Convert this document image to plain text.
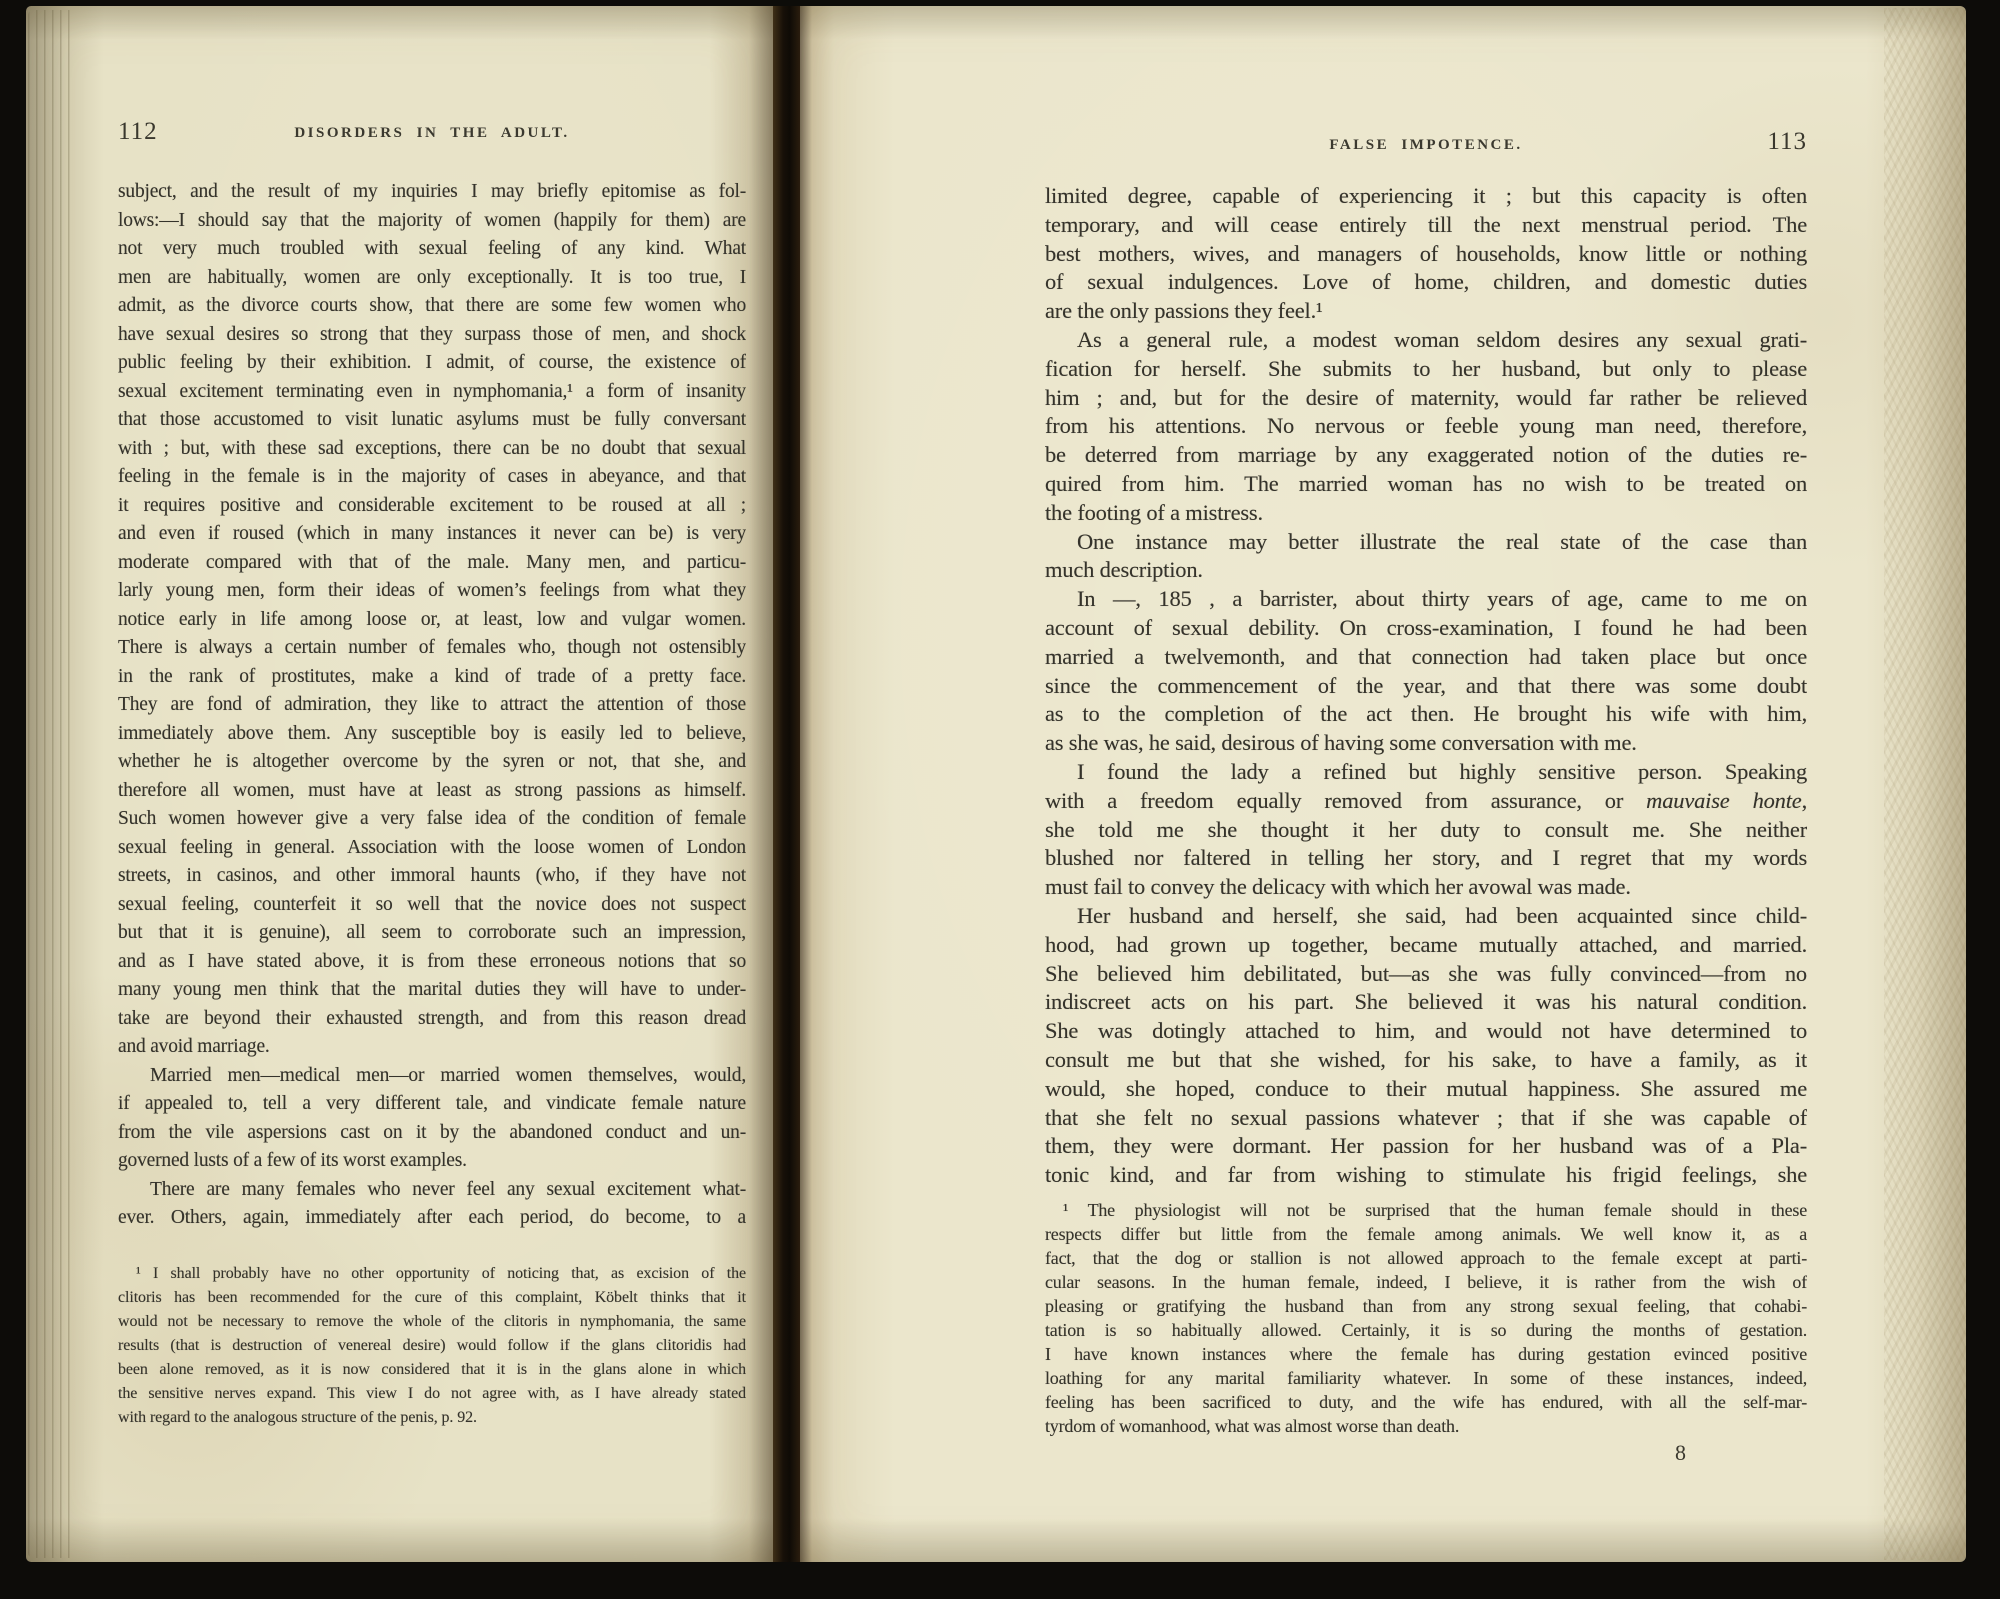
112	DISORDERS IN THE ADULT.
subject, and the result of my inquiries I may briefly epitomise as fol-
lows:—I should say that the majority of women (happily for them) are
not very much troubled with sexual feeling of any kind. What
men are habitually, women are only exceptionally. It is too true, I
admit, as the divorce courts show, that there are some few women who
have sexual desires so strong that they surpass those of men, and shock
public feeling by their exhibition. I admit, of course, the existence of
sexual excitement terminating even in nymphomania,¹ a form of insanity
that those accustomed to visit lunatic asylums must be fully conversant
with ; but, with these sad exceptions, there can be no doubt that sexual
feeling in the female is in the majority of cases in abeyance, and that
it requires positive and considerable excitement to be roused at all ;
and even if roused (which in many instances it never can be) is very
moderate compared with that of the male. Many men, and particu-
larly young men, form their ideas of women’s feelings from what they
notice early in life among loose or, at least, low and vulgar women.
There is always a certain number of females who, though not ostensibly
in the rank of prostitutes, make a kind of trade of a pretty face.
They are fond of admiration, they like to attract the attention of those
immediately above them. Any susceptible boy is easily led to believe,
whether he is altogether overcome by the syren or not, that she, and
therefore all women, must have at least as strong passions as himself.
Such women however give a very false idea of the condition of female
sexual feeling in general. Association with the loose women of London
streets, in casinos, and other immoral haunts (who, if they have not
sexual feeling, counterfeit it so well that the novice does not suspect
but that it is genuine), all seem to corroborate such an impression,
and as I have stated above, it is from these erroneous notions that so
many young men think that the marital duties they will have to under-
take are beyond their exhausted strength, and from this reason dread
and avoid marriage.
Married men—medical men—or married women themselves, would,
if appealed to, tell a very different tale, and vindicate female nature
from the vile aspersions cast on it by the abandoned conduct and un-
governed lusts of a few of its worst examples.
There are many females who never feel any sexual excitement what-
ever. Others, again, immediately after each period, do become, to a
¹ I shall probably have no other opportunity of noticing that, as excision of the
clitoris has been recommended for the cure of this complaint, Köbelt thinks that it
would not be necessary to remove the whole of the clitoris in nymphomania, the same
results (that is destruction of venereal desire) would follow if the glans clitoridis had
been alone removed, as it is now considered that it is in the glans alone in which
the sensitive nerves expand. This view I do not agree with, as I have already stated
with regard to the analogous structure of the penis, p. 92.
FALSE IMPOTENCE.	113
limited degree, capable of experiencing it ; but this capacity is often
temporary, and will cease entirely till the next menstrual period. The
best mothers, wives, and managers of households, know little or nothing
of sexual indulgences. Love of home, children, and domestic duties
are the only passions they feel.¹
As a general rule, a modest woman seldom desires any sexual grati-
fication for herself. She submits to her husband, but only to please
him ; and, but for the desire of maternity, would far rather be relieved
from his attentions. No nervous or feeble young man need, therefore,
be deterred from marriage by any exaggerated notion of the duties re-
quired from him. The married woman has no wish to be treated on
the footing of a mistress.
One instance may better illustrate the real state of the case than
much description.
In —, 185 , a barrister, about thirty years of age, came to me on
account of sexual debility. On cross-examination, I found he had been
married a twelvemonth, and that connection had taken place but once
since the commencement of the year, and that there was some doubt
as to the completion of the act then. He brought his wife with him,
as she was, he said, desirous of having some conversation with me.
I found the lady a refined but highly sensitive person. Speaking
with a freedom equally removed from assurance, or mauvaise honte,
she told me she thought it her duty to consult me. She neither
blushed nor faltered in telling her story, and I regret that my words
must fail to convey the delicacy with which her avowal was made.
Her husband and herself, she said, had been acquainted since child-
hood, had grown up together, became mutually attached, and married.
She believed him debilitated, but—as she was fully convinced—from no
indiscreet acts on his part. She believed it was his natural condition.
She was dotingly attached to him, and would not have determined to
consult me but that she wished, for his sake, to have a family, as it
would, she hoped, conduce to their mutual happiness. She assured me
that she felt no sexual passions whatever ; that if she was capable of
them, they were dormant. Her passion for her husband was of a Pla-
tonic kind, and far from wishing to stimulate his frigid feelings, she
¹ The physiologist will not be surprised that the human female should in these
respects differ but little from the female among animals. We well know it, as a
fact, that the dog or stallion is not allowed approach to the female except at parti-
cular seasons. In the human female, indeed, I believe, it is rather from the wish of
pleasing or gratifying the husband than from any strong sexual feeling, that cohabi-
tation is so habitually allowed. Certainly, it is so during the months of gestation.
I have known instances where the female has during gestation evinced positive
loathing for any marital familiarity whatever. In some of these instances, indeed,
feeling has been sacrificed to duty, and the wife has endured, with all the self-mar-
tyrdom of womanhood, what was almost worse than death.
8
